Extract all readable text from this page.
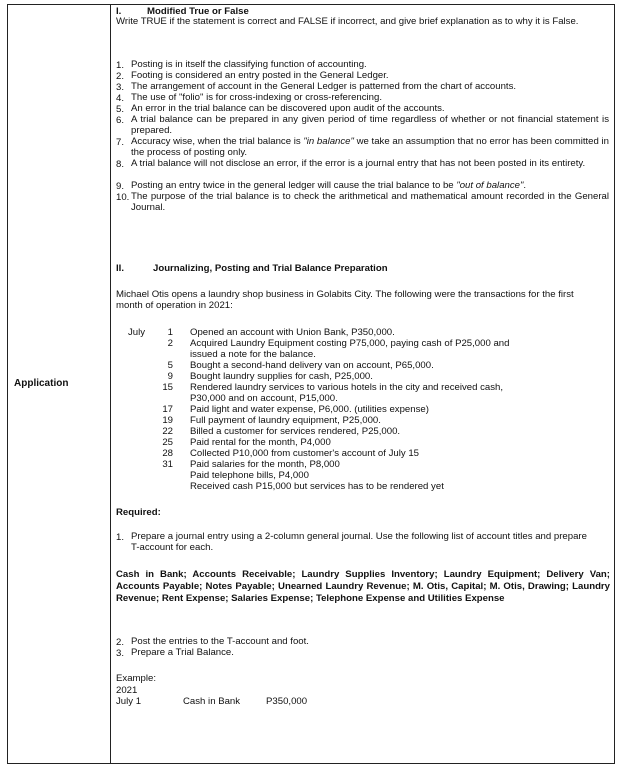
Application
I.	Modified True or False
Write TRUE if the statement is correct and FALSE if incorrect, and give brief explanation as to why it is False.
1. Posting is in itself the classifying function of accounting.
2. Footing is considered an entry posted in the General Ledger.
3. The arrangement of account in the General Ledger is patterned from the chart of accounts.
4. The use of "folio" is for cross-indexing or cross-referencing.
5. An error in the trial balance can be discovered upon audit of the accounts.
6. A trial balance can be prepared in any given period of time regardless of whether or not financial statement is prepared.
7. Accuracy wise, when the trial balance is "in balance" we take an assumption that no error has been committed in the process of posting only.
8. A trial balance will not disclose an error, if the error is a journal entry that has not been posted in its entirety.
9. Posting an entry twice in the general ledger will cause the trial balance to be "out of balance".
10. The purpose of the trial balance is to check the arithmetical and mathematical amount recorded in the General Journal.
II.	Journalizing, Posting and Trial Balance Preparation
Michael Otis opens a laundry shop business in Golabits City. The following were the transactions for the first month of operation in 2021:
July	1 Opened an account with Union Bank, P350,000.
2 Acquired Laundry Equipment costing P75,000, paying cash of P25,000 and
issued a note for the balance.
5 Bought a second-hand delivery van on account, P65,000.
9 Bought laundry supplies for cash, P25,000.
15 Rendered laundry services to various hotels in the city and received cash,
P30,000 and on account, P15,000.
17 Paid light and water expense, P6,000. (utilities expense)
19 Full payment of laundry equipment, P25,000.
22 Billed a customer for services rendered, P25,000.
25 Paid rental for the month, P4,000
28 Collected P10,000 from customer's account of July 15
31 Paid salaries for the month, P8,000
Paid telephone bills, P4,000
Received cash P15,000 but services has to be rendered yet
Required:
1. Prepare a journal entry using a 2-column general journal. Use the following list of account titles and prepare T-account for each.
Cash in Bank; Accounts Receivable; Laundry Supplies Inventory; Laundry Equipment; Delivery Van; Accounts Payable; Notes Payable; Unearned Laundry Revenue; M. Otis, Capital; M. Otis, Drawing; Laundry Revenue; Rent Expense; Salaries Expense; Telephone Expense and Utilities Expense
2. Post the entries to the T-account and foot.
3. Prepare a Trial Balance.
Example:
2021
July 1	Cash in Bank	P350,000
